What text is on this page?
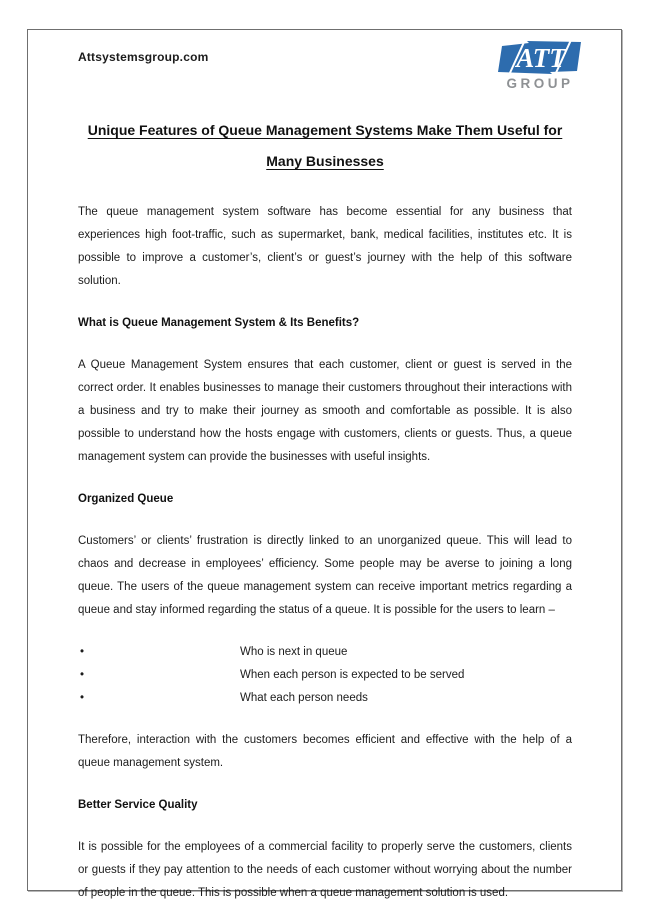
Attsystemsgroup.com	ATT
GROUP
Unique Features of Queue Management Systems Make Them Useful for
Many Businesses

The queue management system software has become essential for any business that experiences high foot-traffic, such as supermarket, bank, medical facilities, institutes etc. It is possible to improve a customer’s, client’s or guest’s journey with the help of this software solution.

What is Queue Management System & Its Benefits?

A Queue Management System ensures that each customer, client or guest is served in the correct order. It enables businesses to manage their customers throughout their interactions with a business and try to make their journey as smooth and comfortable as possible. It is also possible to understand how the hosts engage with customers, clients or guests. Thus, a queue management system can provide the businesses with useful insights.

Organized Queue

Customers’ or clients’ frustration is directly linked to an unorganized queue. This will lead to chaos and decrease in employees’ efficiency. Some people may be averse to joining a long queue. The users of the queue management system can receive important metrics regarding a queue and stay informed regarding the status of a queue. It is possible for the users to learn –

•	Who is next in queue
•	When each person is expected to be served
•	What each person needs

Therefore, interaction with the customers becomes efficient and effective with the help of a queue management system.

Better Service Quality

It is possible for the employees of a commercial facility to properly serve the customers, clients or guests if they pay attention to the needs of each customer without worrying about the number of people in the queue. This is possible when a queue management solution is used.
